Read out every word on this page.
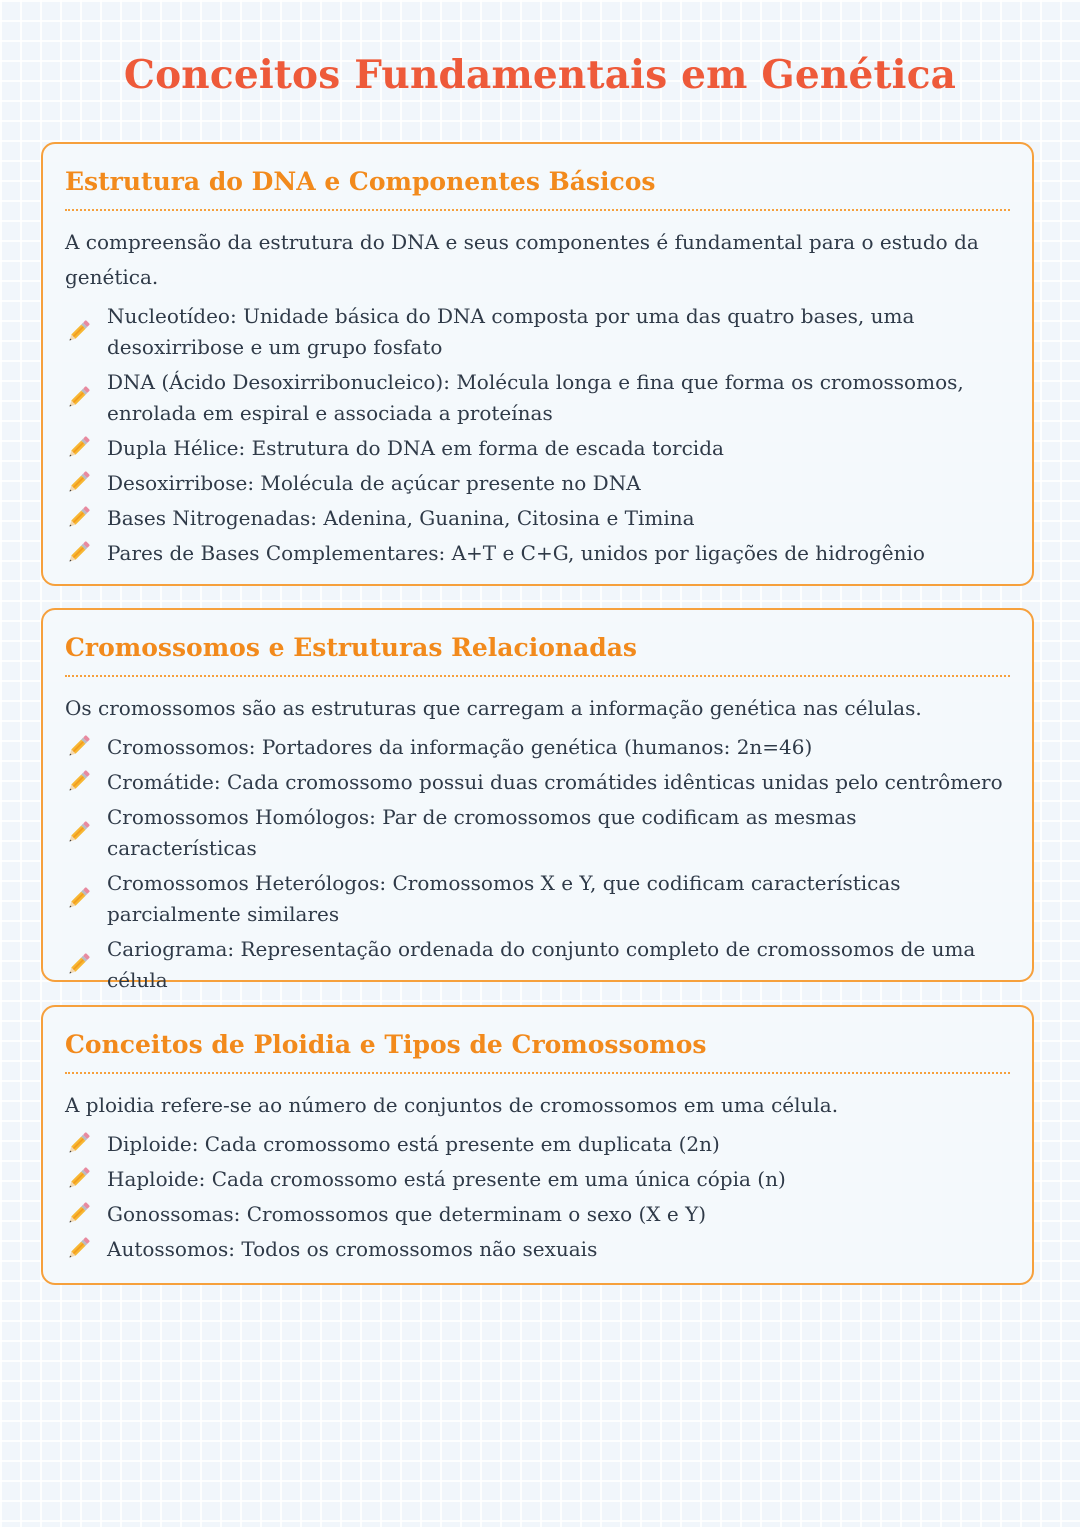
Conceitos Fundamentais em Genética
Estrutura do DNA e Componentes Básicos

A compreensão da estrutura do DNA e seus componentes é fundamental para o estudo da genética.

Nucleotídeo: Unidade básica do DNA composta por uma das quatro bases, uma desoxirribose e um grupo fosfato
DNA (Ácido Desoxirribonucleico): Molécula longa e fina que forma os cromossomos, enrolada em espiral e associada a proteínas
Dupla Hélice: Estrutura do DNA em forma de escada torcida
Desoxirribose: Molécula de açúcar presente no DNA
Bases Nitrogenadas: Adenina, Guanina, Citosina e Timina
Pares de Bases Complementares: A+T e C+G, unidos por ligações de hidrogênio
Cromossomos e Estruturas Relacionadas

Os cromossomos são as estruturas que carregam a informação genética nas células.

Cromossomos: Portadores da informação genética (humanos: 2n=46)
Cromátide: Cada cromossomo possui duas cromátides idênticas unidas pelo centrômero
Cromossomos Homólogos: Par de cromossomos que codificam as mesmas características
Cromossomos Heterólogos: Cromossomos X e Y, que codificam características parcialmente similares
Cariograma: Representação ordenada do conjunto completo de cromossomos de uma célula
Conceitos de Ploidia e Tipos de Cromossomos

A ploidia refere-se ao número de conjuntos de cromossomos em uma célula.

Diploide: Cada cromossomo está presente em duplicata (2n)
Haploide: Cada cromossomo está presente em uma única cópia (n)
Gonossomas: Cromossomos que determinam o sexo (X e Y)
Autossomos: Todos os cromossomos não sexuais
